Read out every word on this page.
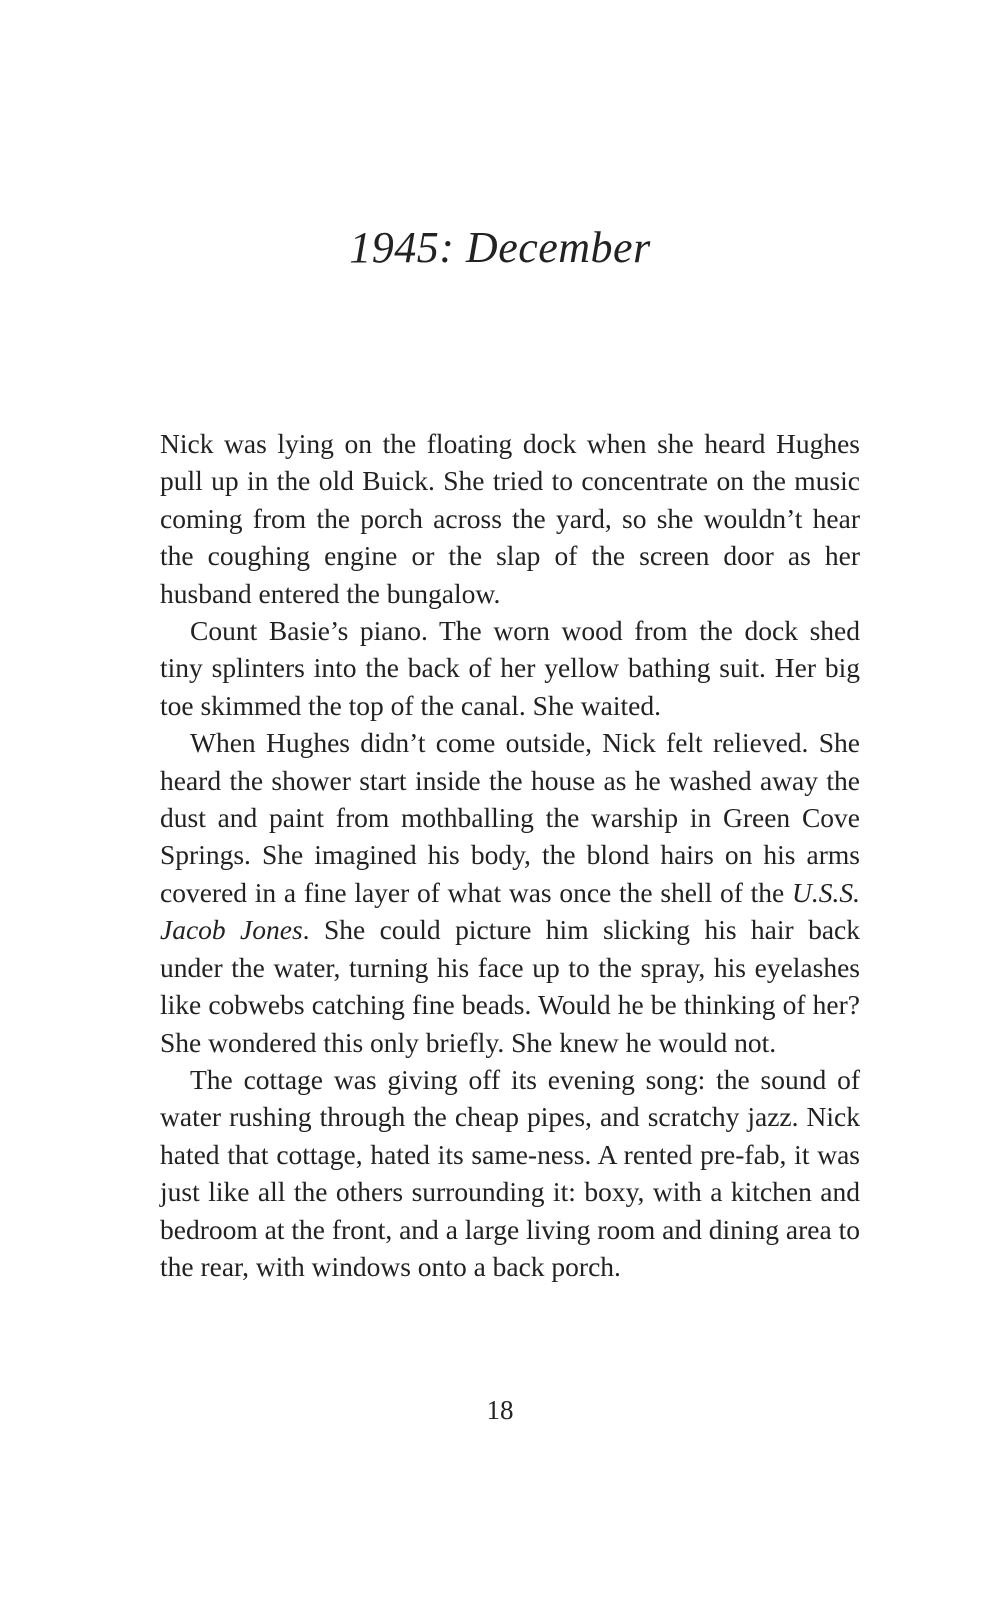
1945: December

Nick was lying on the floating dock when she heard Hughes pull up in the old Buick. She tried to concentrate on the music coming from the porch across the yard, so she wouldn’t hear the coughing engine or the slap of the screen door as her husband entered the bungalow.

Count Basie’s piano. The worn wood from the dock shed tiny splinters into the back of her yellow bathing suit. Her big toe skimmed the top of the canal. She waited.

When Hughes didn’t come outside, Nick felt relieved. She heard the shower start inside the house as he washed away the dust and paint from mothballing the warship in Green Cove Springs. She imagined his body, the blond hairs on his arms covered in a fine layer of what was once the shell of the U.S.S. Jacob Jones. She could picture him slicking his hair back under the water, turning his face up to the spray, his eyelashes like cobwebs catching fine beads. Would he be thinking of her? She wondered this only briefly. She knew he would not.

The cottage was giving off its evening song: the sound of water rushing through the cheap pipes, and scratchy jazz. Nick hated that cottage, hated its same-ness. A rented pre-fab, it was just like all the others surrounding it: boxy, with a kitchen and bedroom at the front, and a large living room and dining area to the rear, with windows onto a back porch.

18
